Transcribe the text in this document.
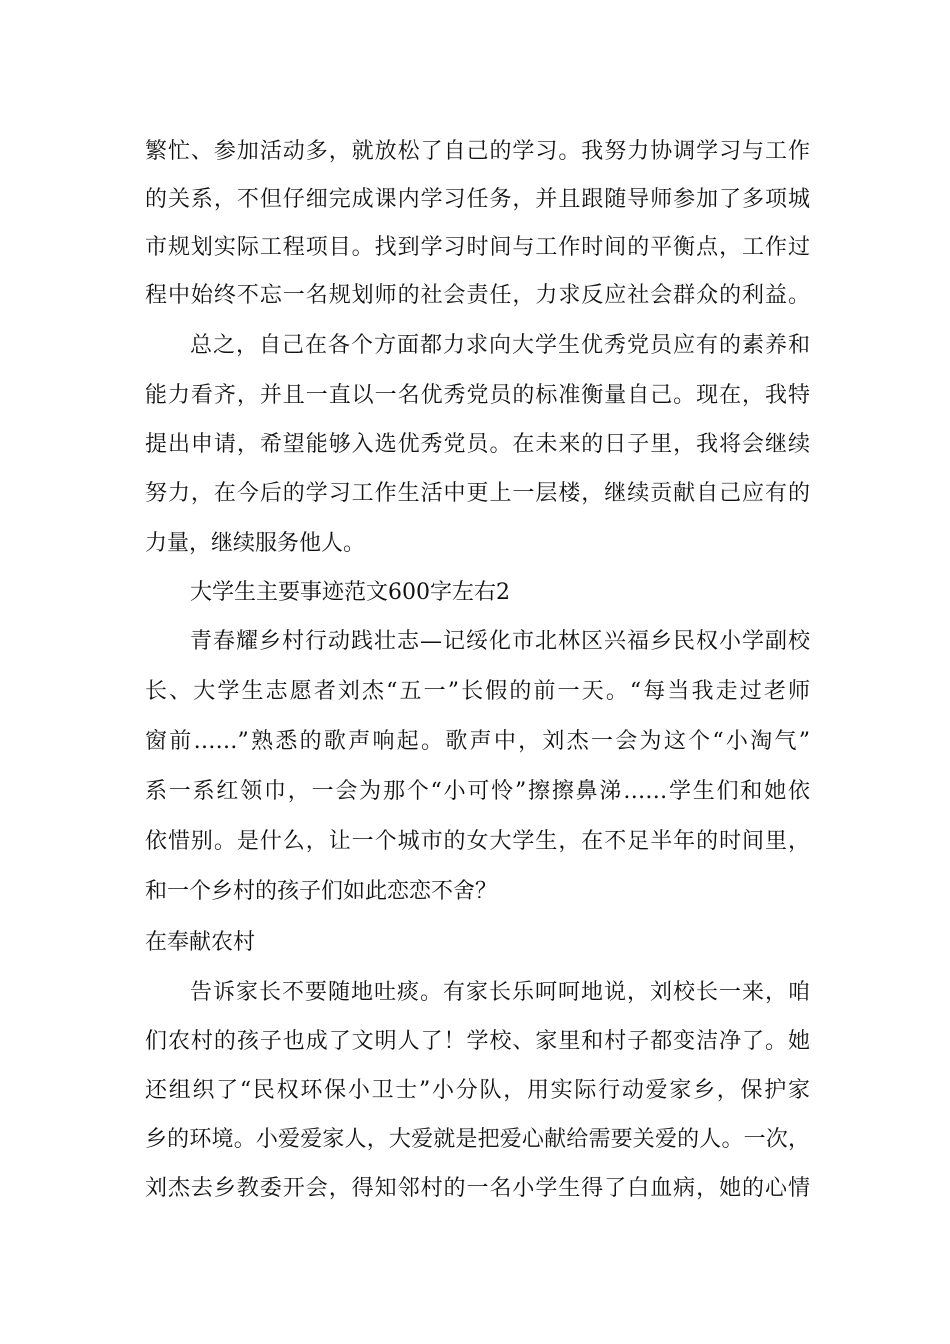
繁忙、参加活动多，就放松了自己的学习。我努力协调学习与工作
的关系，不但仔细完成课内学习任务，并且跟随导师参加了多项城
市规划实际工程项目。找到学习时间与工作时间的平衡点，工作过
程中始终不忘一名规划师的社会责任，力求反应社会群众的利益。
总之，自己在各个方面都力求向大学生优秀党员应有的素养和
能力看齐，并且一直以一名优秀党员的标准衡量自己。现在，我特
提出申请，希望能够入选优秀党员。在未来的日子里，我将会继续
努力，在今后的学习工作生活中更上一层楼，继续贡献自己应有的
力量，继续服务他人。
大学生主要事迹范文600字左右2
青春耀乡村行动践壮志—记绥化市北林区兴福乡民权小学副校
长、大学生志愿者刘杰“五一”长假的前一天。“每当我走过老师
窗前……”熟悉的歌声响起。歌声中，刘杰一会为这个“小淘气”
系一系红领巾，一会为那个“小可怜”擦擦鼻涕……学生们和她依
依惜别。是什么，让一个城市的女大学生，在不足半年的时间里，
和一个乡村的孩子们如此恋恋不舍？
在奉献农村
告诉家长不要随地吐痰。有家长乐呵呵地说，刘校长一来，咱
们农村的孩子也成了文明人了！学校、家里和村子都变洁净了。她
还组织了“民权环保小卫士”小分队，用实际行动爱家乡，保护家
乡的环境。小爱爱家人，大爱就是把爱心献给需要关爱的人。一次，
刘杰去乡教委开会，得知邻村的一名小学生得了白血病，她的心情
